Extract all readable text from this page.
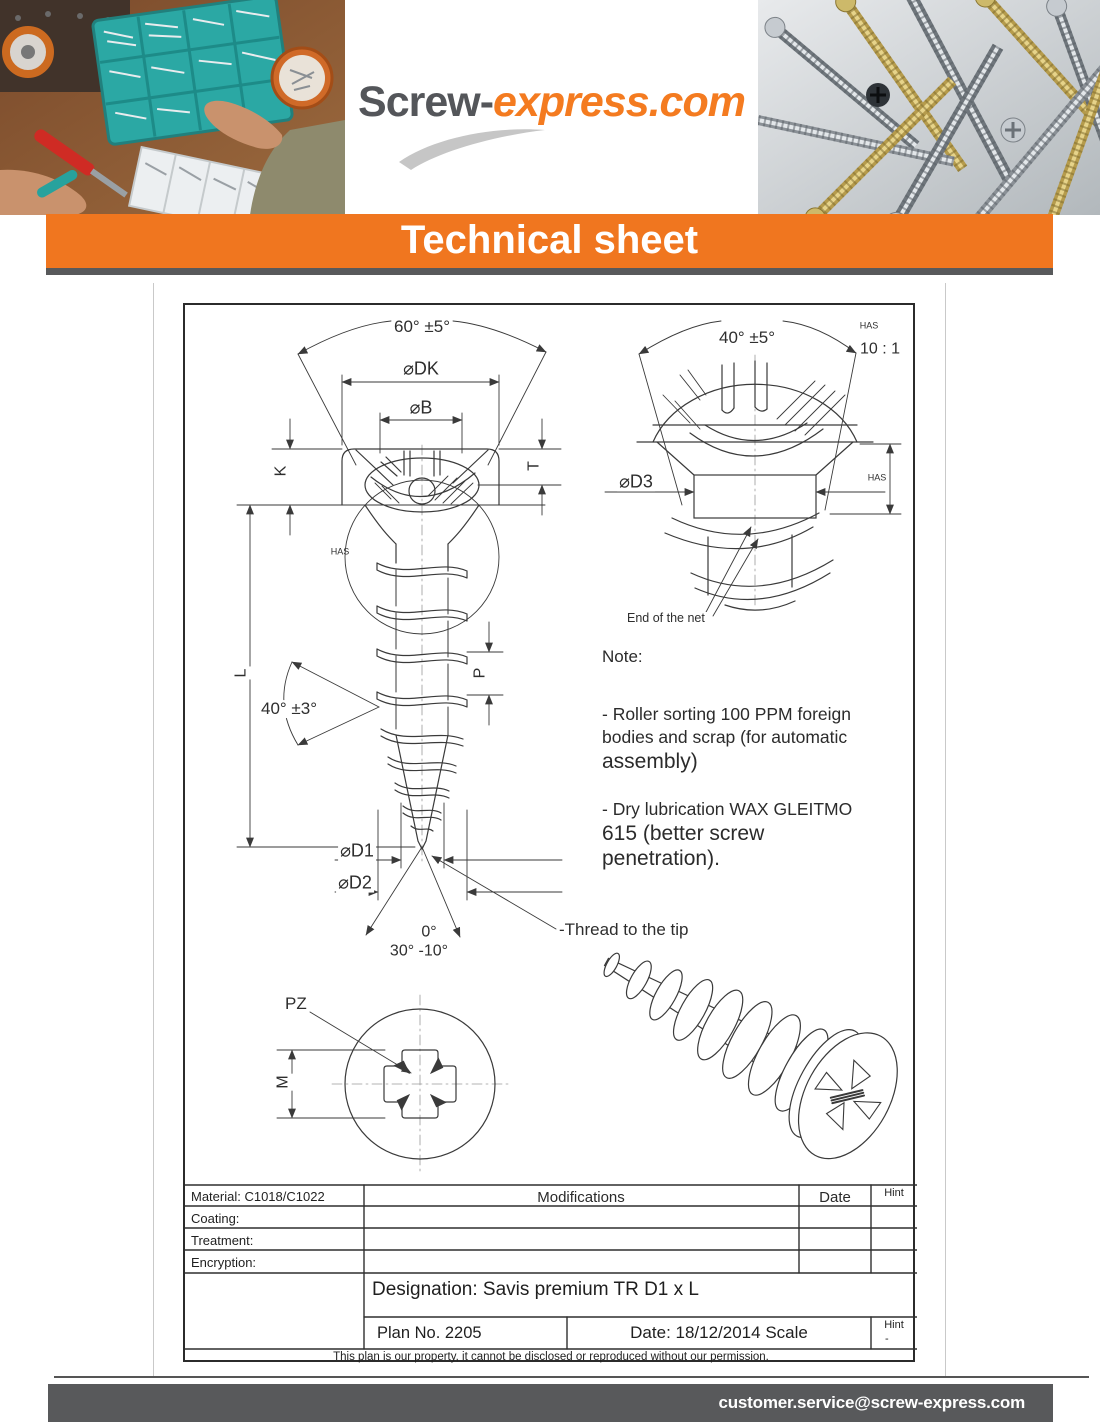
Screw-express.com
Technical sheet
60° ±5°
⌀DK
⌀B
K	T
HAS
L
40° ±3°
P
⌀D1
⌀D2
0°
30° -10°
-Thread to the tip
HAS
10 : 1
40° ±5°
⌀D3	HAS
End of the net
PZ
M
Note:
- Roller sorting 100 PPM foreign
bodies and scrap (for automatic
assembly)
- Dry lubrication WAX GLEITMO
615 (better screw
penetration).
Material: C1018/C1022
Coating:
Treatment:
Encryption:
Modifications	Date	Hint
Designation: Savis premium TR D1 x L
Plan No. 2205	Date: 18/12/2014 Scale	Hint
-
This plan is our property, it cannot be disclosed or reproduced without our permission.
customer.service@screw-express.com
